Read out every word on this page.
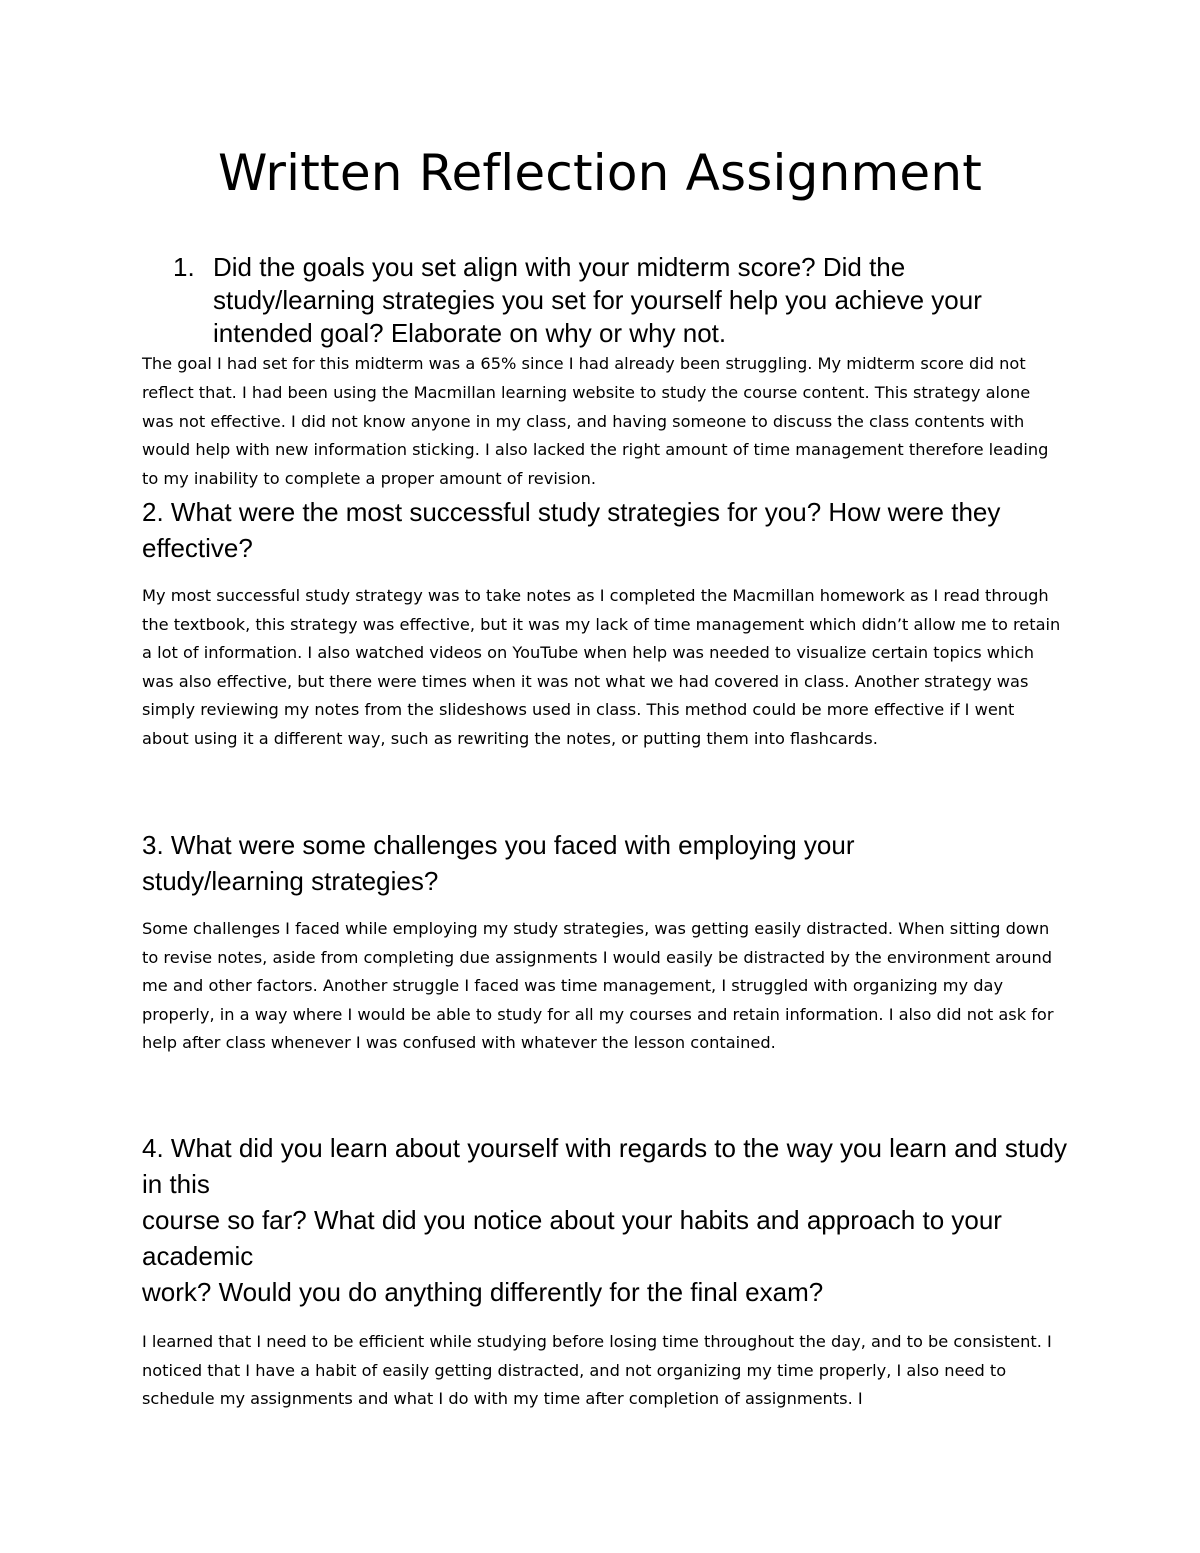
Written Reflection Assignment
1. Did the goals you set align with your midterm score? Did the study/learning strategies you set for yourself help you achieve your intended goal? Elaborate on why or why not.

The goal I had set for this midterm was a 65% since I had already been struggling. My midterm score did not reflect that. I had been using the Macmillan learning website to study the course content. This strategy alone was not effective. I did not know anyone in my class, and having someone to discuss the class contents with would help with new information sticking. I also lacked the right amount of time management therefore leading to my inability to complete a proper amount of revision.

2. What were the most successful study strategies for you? How were they effective?

My most successful study strategy was to take notes as I completed the Macmillan homework as I read through the textbook, this strategy was effective, but it was my lack of time management which didn’t allow me to retain a lot of information. I also watched videos on YouTube when help was needed to visualize certain topics which was also effective, but there were times when it was not what we had covered in class. Another strategy was simply reviewing my notes from the slideshows used in class. This method could be more effective if I went about using it a different way, such as rewriting the notes, or putting them into flashcards.

3. What were some challenges you faced with employing your study/learning strategies?

Some challenges I faced while employing my study strategies, was getting easily distracted. When sitting down to revise notes, aside from completing due assignments I would easily be distracted by the environment around me and other factors. Another struggle I faced was time management, I struggled with organizing my day properly, in a way where I would be able to study for all my courses and retain information. I also did not ask for help after class whenever I was confused with whatever the lesson contained.

4. What did you learn about yourself with regards to the way you learn and study in this
course so far? What did you notice about your habits and approach to your academic
work? Would you do anything differently for the final exam?

I learned that I need to be efficient while studying before losing time throughout the day, and to be consistent. I noticed that I have a habit of easily getting distracted, and not organizing my time properly, I also need to schedule my assignments and what I do with my time after completion of assignments. I
